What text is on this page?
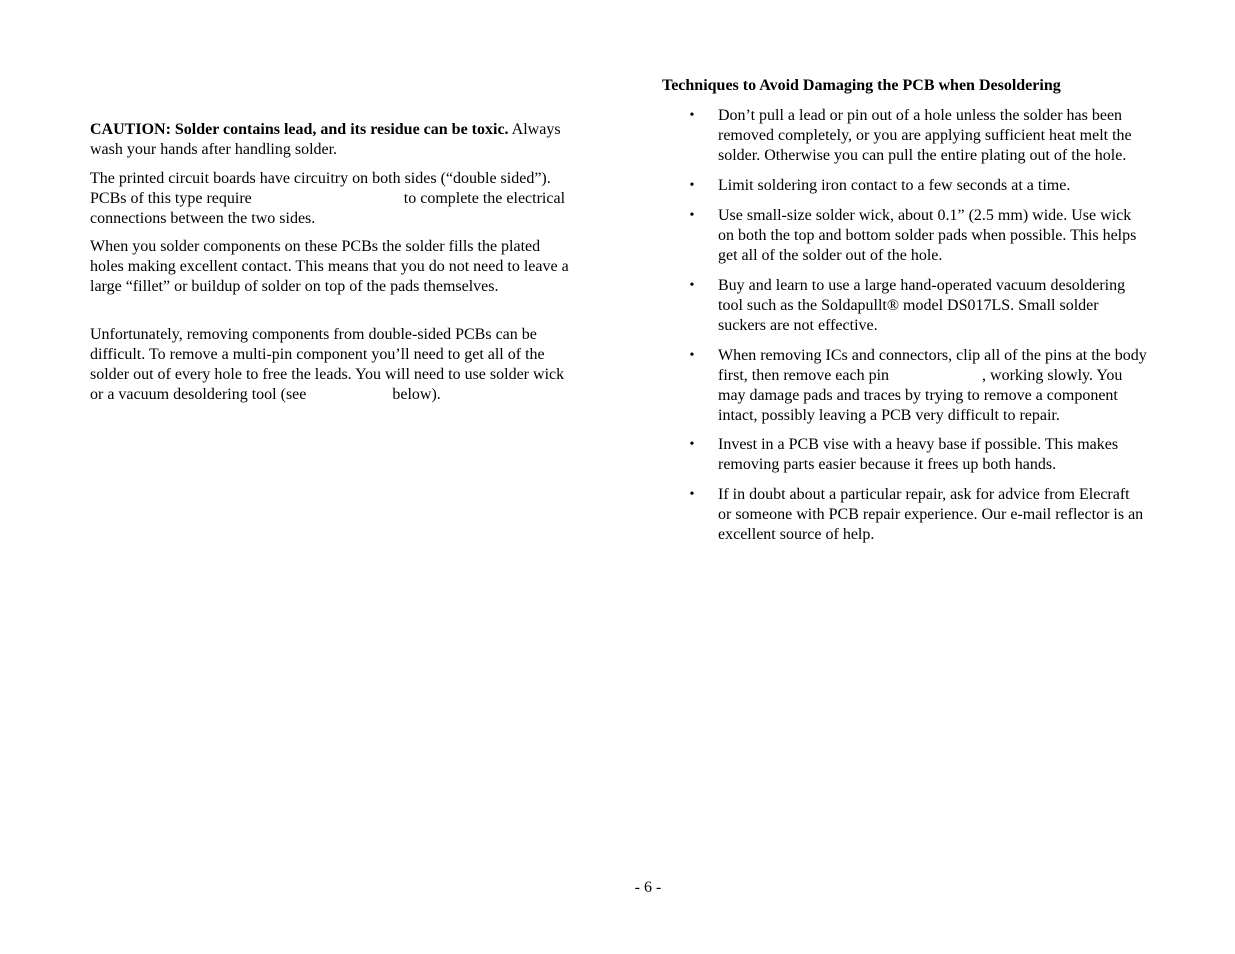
CAUTION: Solder contains lead, and its residue can be toxic. Always
wash your hands after handling solder.

The printed circuit boards have circuitry on both sides (“double sided”).
PCBs of this type require	to complete the electrical
connections between the two sides.

When you solder components on these PCBs the solder fills the plated
holes making excellent contact. This means that you do not need to leave a
large “fillet” or buildup of solder on top of the pads themselves.

Unfortunately, removing components from double-sided PCBs can be
difficult. To remove a multi-pin component you’ll need to get all of the
solder out of every hole to free the leads. You will need to use solder wick
or a vacuum desoldering tool (see	below).

Techniques to Avoid Damaging the PCB when Desoldering

• Don’t pull a lead or pin out of a hole unless the solder has been
removed completely, or you are applying sufficient heat melt the
solder. Otherwise you can pull the entire plating out of the hole.
• Limit soldering iron contact to a few seconds at a time.
• Use small-size solder wick, about 0.1” (2.5 mm) wide. Use wick
on both the top and bottom solder pads when possible. This helps
get all of the solder out of the hole.
• Buy and learn to use a large hand-operated vacuum desoldering
tool such as the Soldapullt® model DS017LS. Small solder
suckers are not effective.
• When removing ICs and connectors, clip all of the pins at the body
first, then remove each pin	, working slowly. You
may damage pads and traces by trying to remove a component
intact, possibly leaving a PCB very difficult to repair.
• Invest in a PCB vise with a heavy base if possible. This makes
removing parts easier because it frees up both hands.
• If in doubt about a particular repair, ask for advice from Elecraft
or someone with PCB repair experience. Our e-mail reflector is an
excellent source of help.
- 6 -
